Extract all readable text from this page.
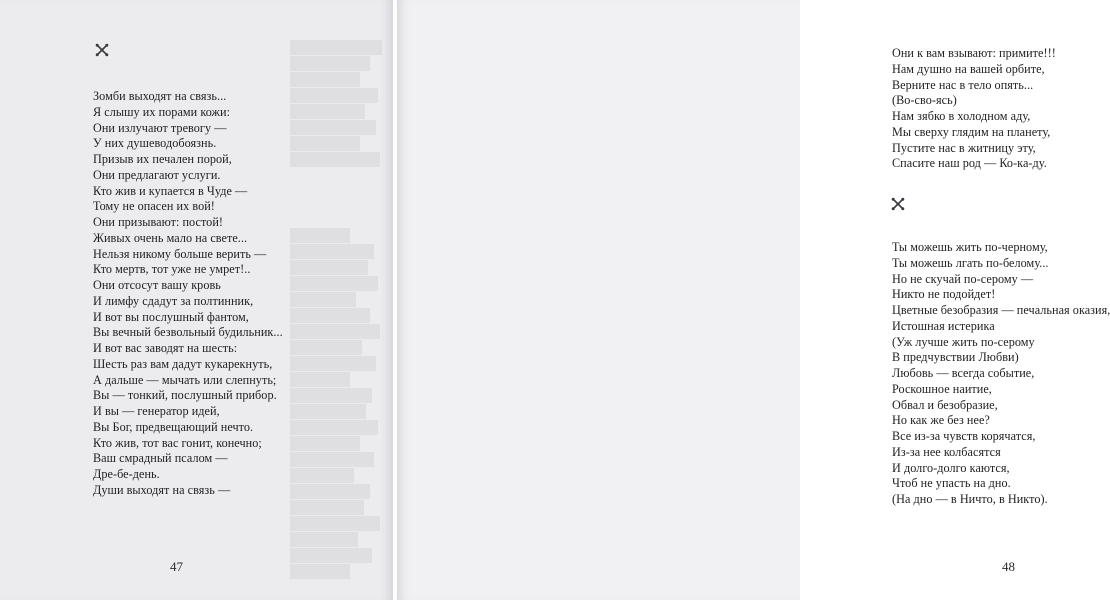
Зомби выходят на связь...
Я слышу их порами кожи:
Они излучают тревогу —
У них душеводобоязнь.
Призыв их печален порой,
Они предлагают услуги.
Кто жив и купается в Чуде —
Тому не опасен их вой!
Они призывают: постой!
Живых очень мало на свете...
Нельзя никому больше верить —
Кто мертв, тот уже не умрет!..
Они отсосут вашу кровь
И лимфу сдадут за полтинник,
И вот вы послушный фантом,
Вы вечный безвольный будильник...
И вот вас заводят на шесть:
Шесть раз вам дадут кукарекнуть,
А дальше — мычать или слепнуть;
Вы — тонкий, послушный прибор.
И вы — генератор идей,
Вы Бог, предвещающий нечто.
Кто жив, тот вас гонит, конечно;
Ваш смрадный псалом —
Дре-бе-день.
Души выходят на связь —
47
Они к вам взывают: примите!!!
Нам душно на вашей орбите,
Верните нас в тело опять...
(Во-сво-ясь)
Нам зябко в холодном аду,
Мы сверху глядим на планету,
Пустите нас в житницу эту,
Спасите наш род — Ко-ка-ду.
Ты можешь жить по-черному,
Ты можешь лгать по-белому...
Но не скучай по-серому —
Никто не подойдет!
Цветные безобразия — печальная оказия,
Истошная истерика
(Уж лучше жить по-серому
В предчувствии Любви)
Любовь — всегда событие,
Роскошное наитие,
Обвал и безобразие,
Но как же без нее?
Все из-за чувств корячатся,
Из-за нее колбасятся
И долго-долго каются,
Чтоб не упасть на дно.
(На дно — в Ничто, в Никто).
48
